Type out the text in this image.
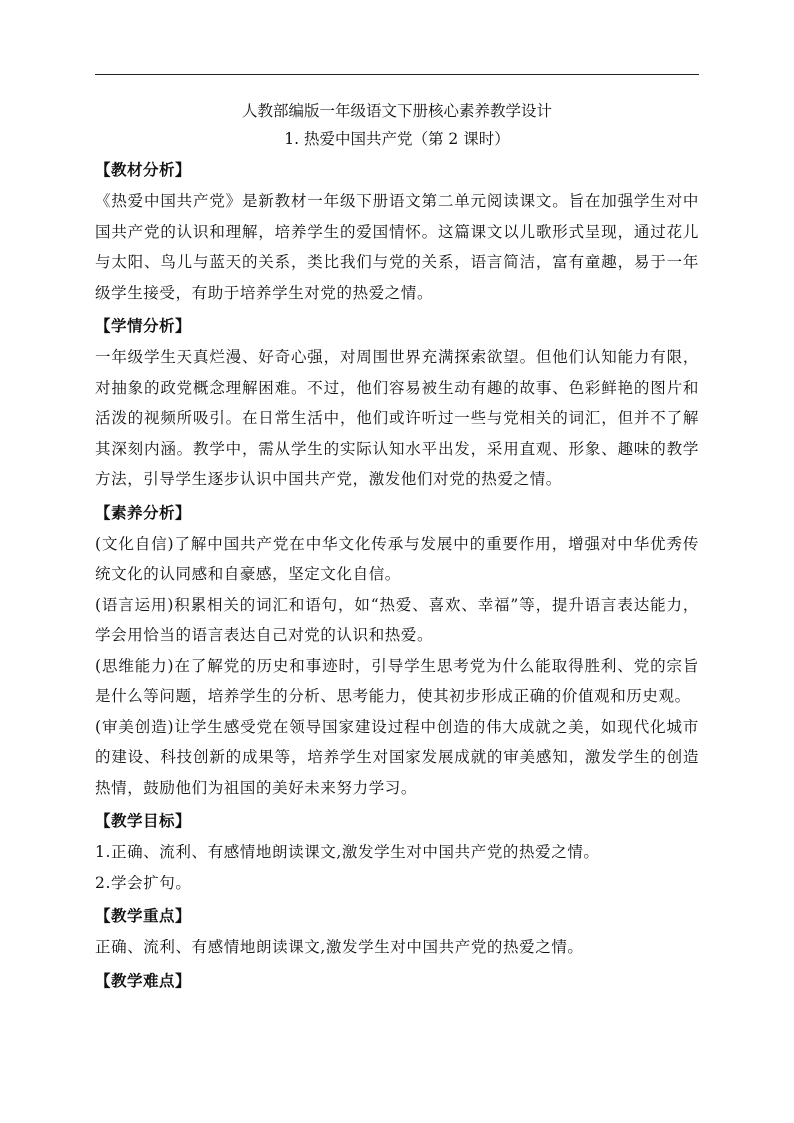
人教部编版一年级语文下册核心素养教学设计

1. 热爱中国共产党（第 2 课时）

【教材分析】

《热爱中国共产党》是新教材一年级下册语文第二单元阅读课文。旨在加强学生对中国共产党的认识和理解，培养学生的爱国情怀。这篇课文以儿歌形式呈现，通过花儿与太阳、鸟儿与蓝天的关系，类比我们与党的关系，语言简洁，富有童趣，易于一年级学生接受，有助于培养学生对党的热爱之情。

【学情分析】

一年级学生天真烂漫、好奇心强，对周围世界充满探索欲望。但他们认知能力有限，对抽象的政党概念理解困难。不过，他们容易被生动有趣的故事、色彩鲜艳的图片和活泼的视频所吸引。在日常生活中，他们或许听过一些与党相关的词汇，但并不了解其深刻内涵。教学中，需从学生的实际认知水平出发，采用直观、形象、趣味的教学方法，引导学生逐步认识中国共产党，激发他们对党的热爱之情。

【素养分析】

(文化自信)了解中国共产党在中华文化传承与发展中的重要作用，增强对中华优秀传统文化的认同感和自豪感，坚定文化自信。

(语言运用)积累相关的词汇和语句，如“热爱、喜欢、幸福”等，提升语言表达能力，学会用恰当的语言表达自己对党的认识和热爱。

(思维能力)在了解党的历史和事迹时，引导学生思考党为什么能取得胜利、党的宗旨是什么等问题，培养学生的分析、思考能力，使其初步形成正确的价值观和历史观。

(审美创造)让学生感受党在领导国家建设过程中创造的伟大成就之美，如现代化城市的建设、科技创新的成果等，培养学生对国家发展成就的审美感知，激发学生的创造热情，鼓励他们为祖国的美好未来努力学习。

【教学目标】

1.正确、流利、有感情地朗读课文,激发学生对中国共产党的热爱之情。

2.学会扩句。

【教学重点】

正确、流利、有感情地朗读课文,激发学生对中国共产党的热爱之情。

【教学难点】
